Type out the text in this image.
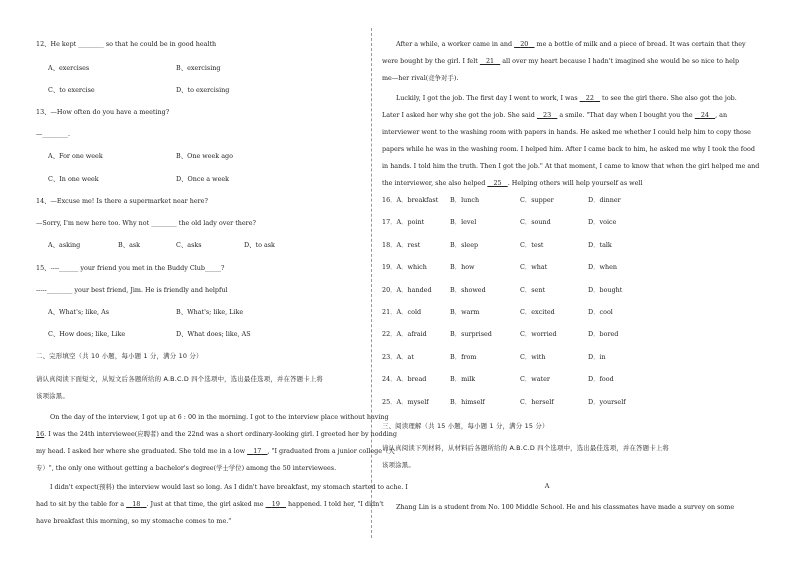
12、He kept ________ so that he could be in good health
A、exercises	B、exercising
C、to exercise	D、to exercising
13、—How often do you have a meeting?
—________.
A、For one week	B、One week ago
C、In one week	D、Once a week
14、—Excuse me! Is there a supermarket near here?
—Sorry, I'm new here too. Why not ________ the old lady over there?
A、asking	B、ask	C、asks	D、to ask
15、----______ your friend you met in the Buddy Club_____?
-----________ your best friend, Jim. He is friendly and helpful
A、What's; like, As	B、What's; like, Like
C、How does; like, Like	D、What does; like, AS
二、完形填空（共 10 小题，每小题 1 分，满分 10 分）
请认真阅读下面短文，从短文后各题所给的 A.B.C.D 四个选项中，选出最佳选项，并在答题卡上将
该项涂黑。
On the day of the interview, I got up at 6 : 00 in the morning. I got to the interview place without having
16. I was the 24th interviewee(应聘者) and the 22nd was a short ordinary-looking girl. I greeted her by nodding
my head. I asked her where she graduated. She told me in a low    17 , "I graduated from a junior college（大
专）", the only one without getting a bachelor's degree(学士学位) among the 50 interviewees.
I didn't expect(预料) the interview would last so long. As I didn't have breakfast, my stomach started to ache. I
had to sit by the table for a    18 . Just at that time, the girl asked me    19    happened. I told her, "I didn't
have breakfast this morning, so my stomache comes to me."
After a while, a worker came in and    20    me a bottle of milk and a piece of bread. It was certain that they
were bought by the girl. I felt    21    all over my heart because I hadn't imagined she would be so nice to help
me—her rival(竞争对手).
Luckily, I got the job. The first day I went to work, I was    22    to see the girl there. She also got the job.
Later I asked her why she got the job. She said    23    a smile. "That day when I bought you the    24 , an
interviewer went to the washing room with papers in hands. He asked me whether I could help him to copy those
papers while he was in the washing room. I helped him. After I came back to him, he asked me why I took the food
in hands. I told him the truth. Then I got the job." At that moment, I came to know that when the girl helped me and
the interviewer, she also helped    25 . Helping others will help yourself as well
16．A．breakfast B．lunch	C．supper	D．dinner
17．A．point	B．level	C．sound	D．voice
18．A．rest	B．sleep	C．test	D．talk
19．A．which	B．how	C．what	D．when
20．A．handed	B．showed	C．sent	D．bought
21．A．cold	B．warm	C．excited	D．cool
22．A．afraid	B．surprised	C．worried	D．bored
23．A．at	B．from	C．with	D．in
24．A．bread	B．milk	C．water	D．food
25．A．myself	B．himself	C．herself	D．yourself
三、阅读理解（共 15 小题，每小题 1 分，满分 15 分）
请认真阅读下列材料，从材料后各题所给的 A.B.C.D 四个选项中，选出最佳选项，并在答题卡上将
该项涂黑。
A
Zhang Lin is a student from No. 100 Middle School. He and his classmates have made a survey on some
